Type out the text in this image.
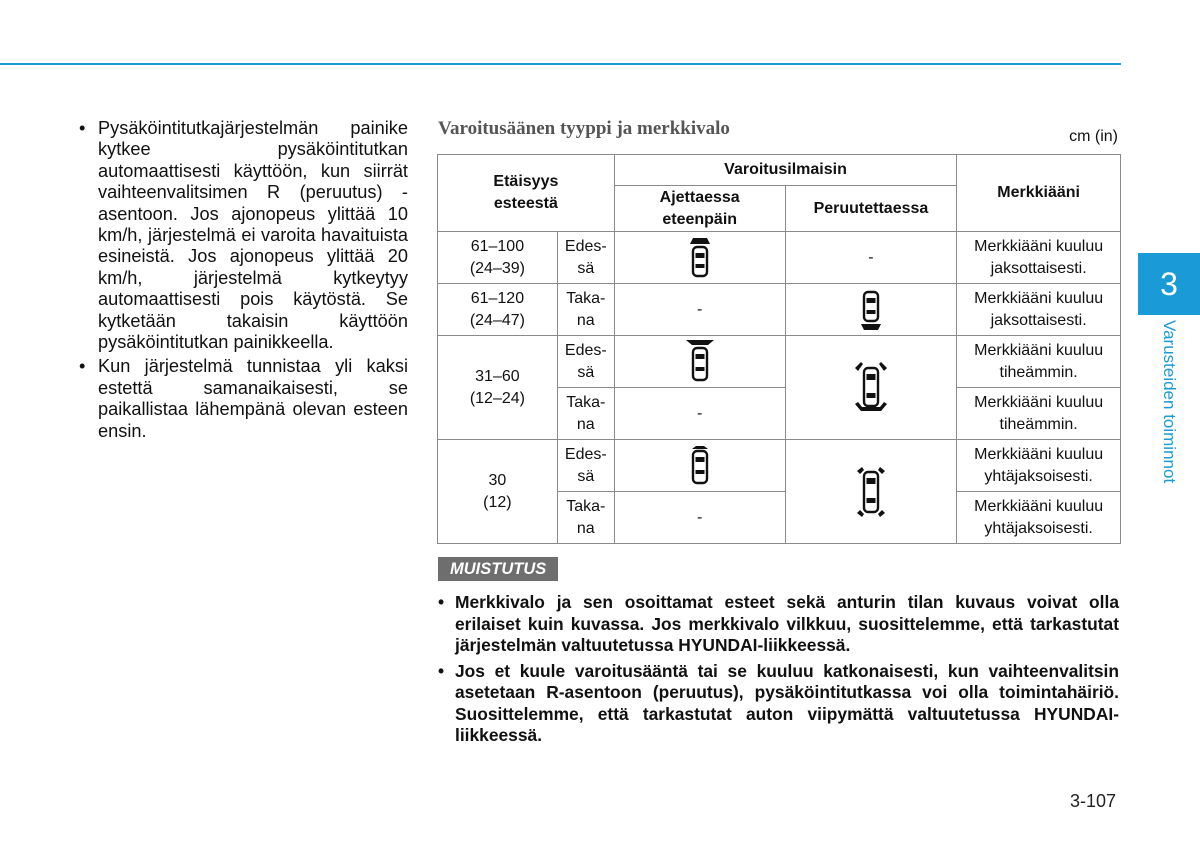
• Pysäköintitutkajärjestelmän painike kytkee pysäköintitutkan automaattisesti käyttöön, kun siirrät vaihteenvalitsimen R (peruutus) -asentoon. Jos ajonopeus ylittää 10 km/h, järjestelmä ei varoita havaituista esineistä. Jos ajonopeus ylittää 20 km/h, järjestelmä kytkeytyy automaattisesti pois käytöstä. Se kytketään takaisin käyttöön pysäköintitutkan painikkeella.
• Kun järjestelmä tunnistaa yli kaksi estettä samanaikaisesti, se paikallistaa lähempänä olevan esteen ensin.
Varoitusäänen tyyppi ja merkkivalo	cm (in)
Etäisyys esteestä		Varoitusilmaisin		Merkkiääni
		Ajettaessa eteenpäin	Peruutettaessa	

61–100
(24–39)	Edes-sä		-	Merkkiääni kuuluu jaksottaisesti.

61–120
(24–47)	Taka-na	-		Merkkiääni kuuluu jaksottaisesti.

31–60
(12–24)	Edes-sä			Merkkiääni kuuluu tiheämmin.
	Taka-na	-		Merkkiääni kuuluu tiheämmin.

30
(12)	Edes-sä			Merkkiääni kuuluu yhtäjaksoisesti.
	Taka-na	-		Merkkiääni kuuluu yhtäjaksoisesti.
MUISTUTUS
• Merkkivalo ja sen osoittamat esteet sekä anturin tilan kuvaus voivat olla erilaiset kuin kuvassa. Jos merkkivalo vilkkuu, suosittelemme, että tarkastutat järjestelmän valtuutetussa HYUNDAI-liikkeessä.
• Jos et kuule varoitusääntä tai se kuuluu katkonaisesti, kun vaihteenvalitsin asetetaan R-asentoon (peruutus), pysäköintitutkassa voi olla toimintahäiriö. Suosittelemme, että tarkastutat auton viipymättä valtuutetussa HYUNDAI-liikkeessä.
3
Varusteiden toiminnot
3-107
